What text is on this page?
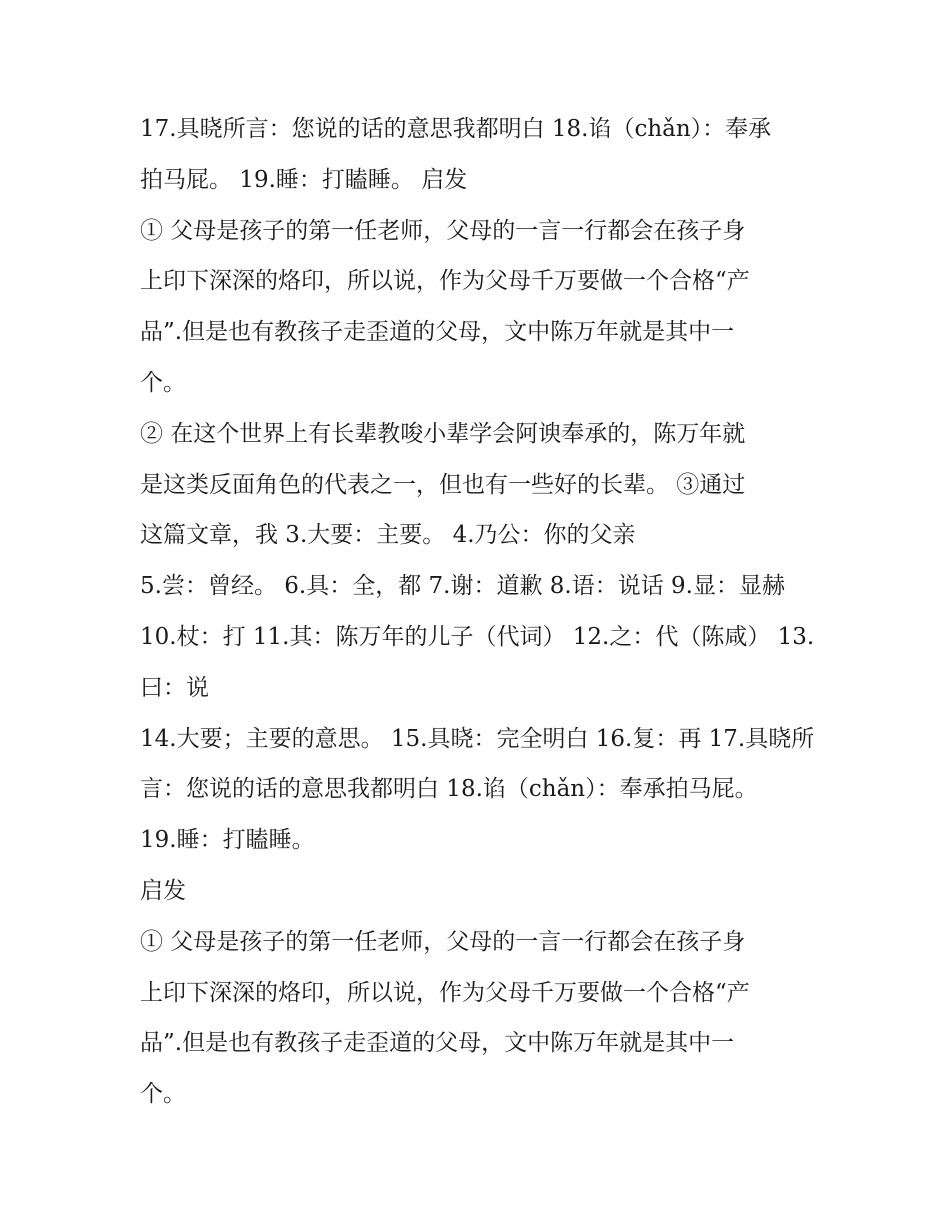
17.具晓所言：您说的话的意思我都明白 18.谄（chǎn）：奉承
拍马屁。 19.睡：打瞌睡。 启发
① 父母是孩子的第一任老师，父母的一言一行都会在孩子身
上印下深深的烙印，所以说，作为父母千万要做一个合格“产
品”.但是也有教孩子走歪道的父母，文中陈万年就是其中一
个。
② 在这个世界上有长辈教唆小辈学会阿谀奉承的，陈万年就
是这类反面角色的代表之一，但也有一些好的长辈。 ③通过
这篇文章，我 3.大要：主要。 4.乃公：你的父亲
5.尝：曾经。 6.具：全，都 7.谢：道歉 8.语：说话 9.显：显赫
10.杖：打 11.其：陈万年的儿子（代词） 12.之：代（陈咸） 13.
曰：说
14.大要；主要的意思。 15.具晓：完全明白 16.复：再 17.具晓所
言：您说的话的意思我都明白 18.谄（chǎn）：奉承拍马屁。
19.睡：打瞌睡。
启发
① 父母是孩子的第一任老师，父母的一言一行都会在孩子身
上印下深深的烙印，所以说，作为父母千万要做一个合格“产
品”.但是也有教孩子走歪道的父母，文中陈万年就是其中一
个。
